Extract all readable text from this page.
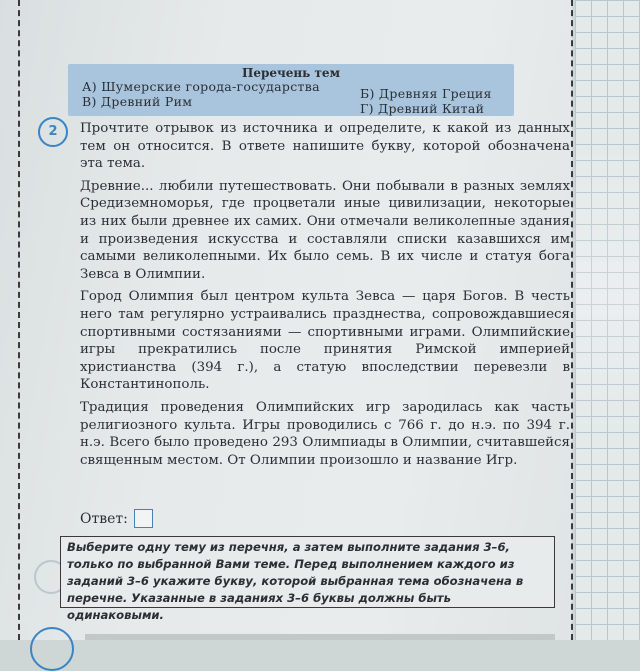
Перечень тем
А) Шумерские города-государства	Б) Древняя Греция
В) Древний Рим	Г) Древний Китай
2	Прочтите отрывок из источника и определите, к какой из данных тем он относится. В ответе напишите букву, которой обозначена эта тема.

Древние... любили путешествовать. Они побывали в разных землях Средиземноморья, где процветали иные цивилизации, некоторые из них были древнее их самих. Они отмечали великолепные здания и произведения искусства и составляли списки казавшихся им самыми великолепными. Их было семь. В их числе и статуя бога Зевса в Олимпии.

Город Олимпия был центром культа Зевса — царя Богов. В честь него там регулярно устраивались празднества, сопровождавшиеся спортивными состязаниями — спортивными играми. Олимпийские игры прекратились после принятия Римской империей христианства (394 г.), а статую впоследствии перевезли в Константинополь.

Традиция проведения Олимпийских игр зародилась как часть религиозного культа. Игры проводились с 766 г. до н.э. по 394 г. н.э. Всего было проведено 293 Олимпиады в Олимпии, считавшейся священным местом. От Олимпии произошло и название Игр.

Ответ:
Выберите одну тему из перечня, а затем выполните задания 3–6, только по выбранной Вами теме. Перед выполнением каждого из заданий 3–6 укажите букву, которой выбранная тема обозначена в перечне. Указанные в заданиях 3–6 буквы должны быть одинаковыми.
